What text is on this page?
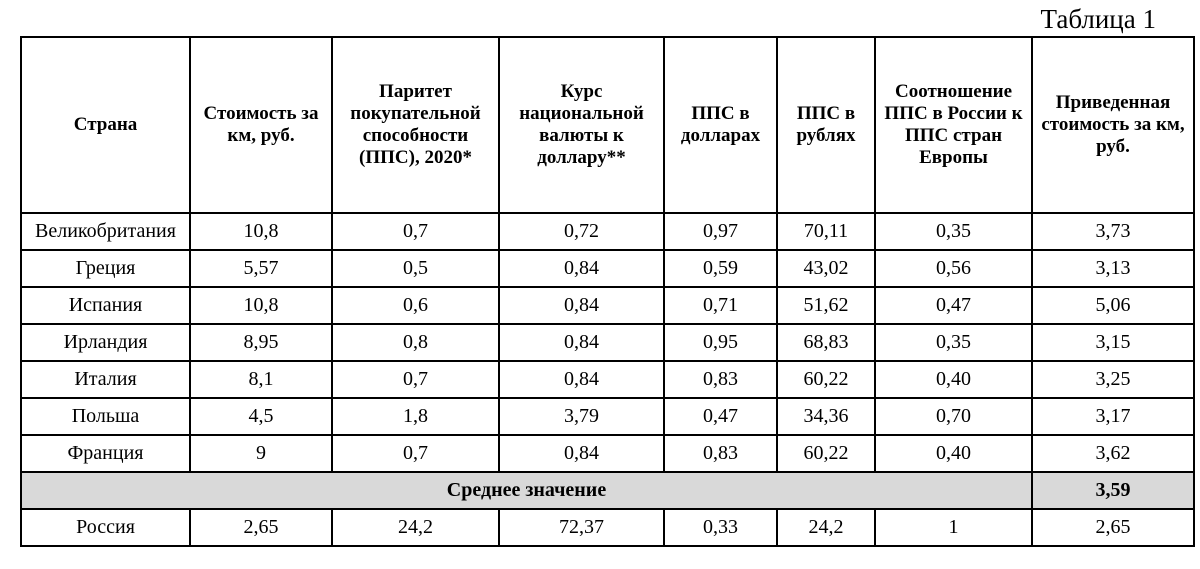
Таблица 1
Страна	Стоимость за км, руб.	Паритет покупательной способности (ППС), 2020*	Курс национальной валюты к доллару**	ППС в долларах	ППС в рублях	Соотношение ППС в России к ППС стран Европы	Приведенная стоимость за км, руб.
Великобритания	10,8	0,7	0,72	0,97	70,11	0,35	3,73
Греция	5,57	0,5	0,84	0,59	43,02	0,56	3,13
Испания	10,8	0,6	0,84	0,71	51,62	0,47	5,06
Ирландия	8,95	0,8	0,84	0,95	68,83	0,35	3,15
Италия	8,1	0,7	0,84	0,83	60,22	0,40	3,25
Польша	4,5	1,8	3,79	0,47	34,36	0,70	3,17
Франция	9	0,7	0,84	0,83	60,22	0,40	3,62
Среднее значение							3,59
Россия	2,65	24,2	72,37	0,33	24,2	1	2,65
